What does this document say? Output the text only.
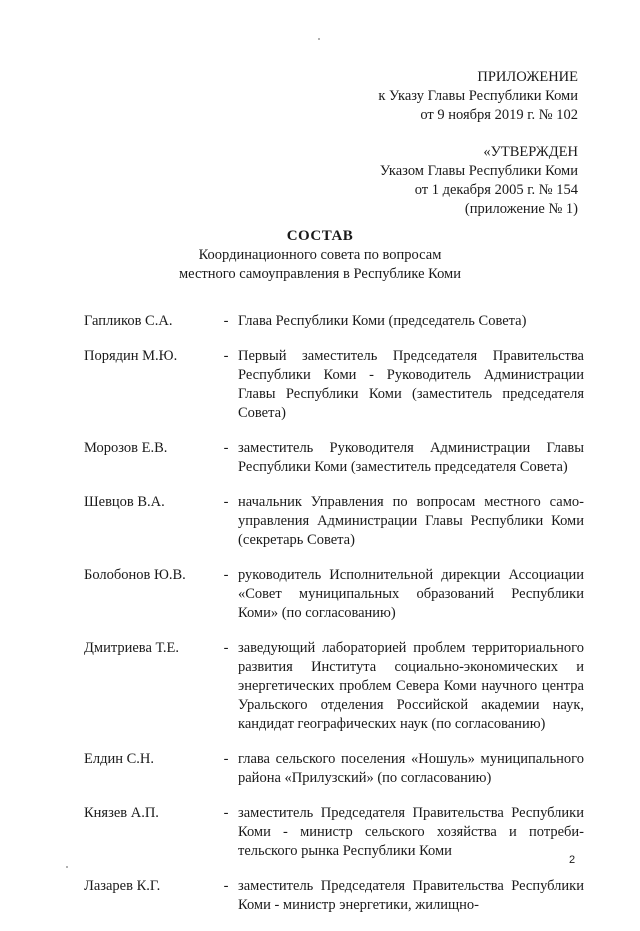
ПРИЛОЖЕНИЕ
к Указу Главы Республики Коми
от 9 ноября 2019 г. № 102
«УТВЕРЖДЕН
Указом Главы Республики Коми
от 1 декабря 2005 г. № 154
(приложение № 1)
СОСТАВ
Координационного совета по вопросам
местного самоуправления в Республике Коми
Гапликов С.А.	- Глава Республики Коми (председатель Совета)
Порядин М.Ю.	- Первый заместитель Председателя Правительства Республики Коми - Руководитель Администрации Главы Республики Коми (заместитель председателя Совета)
Морозов Е.В.	- заместитель Руководителя Администрации Главы Республики Коми (заместитель председателя Совета)
Шевцов В.А.	- начальник Управления по вопросам местного самоуправления Администрации Главы Республики Коми (секретарь Совета)
Болобонов Ю.В.	- руководитель Исполнительной дирекции Ассоциации «Совет муниципальных образований Республики Коми» (по согласованию)
Дмитриева Т.Е.	- заведующий лабораторией проблем территориального развития Института социально-экономических и энергетических проблем Севера Коми научного центра Уральского отделения Российской академии наук, кандидат географических наук (по согласованию)
Елдин С.Н.	- глава сельского поселения «Ношуль» муниципального района «Прилузский» (по согласованию)
Князев А.П.	- заместитель Председателя Правительства Республики Коми - министр сельского хозяйства и потребительского рынка Республики Коми
Лазарев К.Г.	- заместитель Председателя Правительства Республики Коми - министр энергетики, жилищно-
2
